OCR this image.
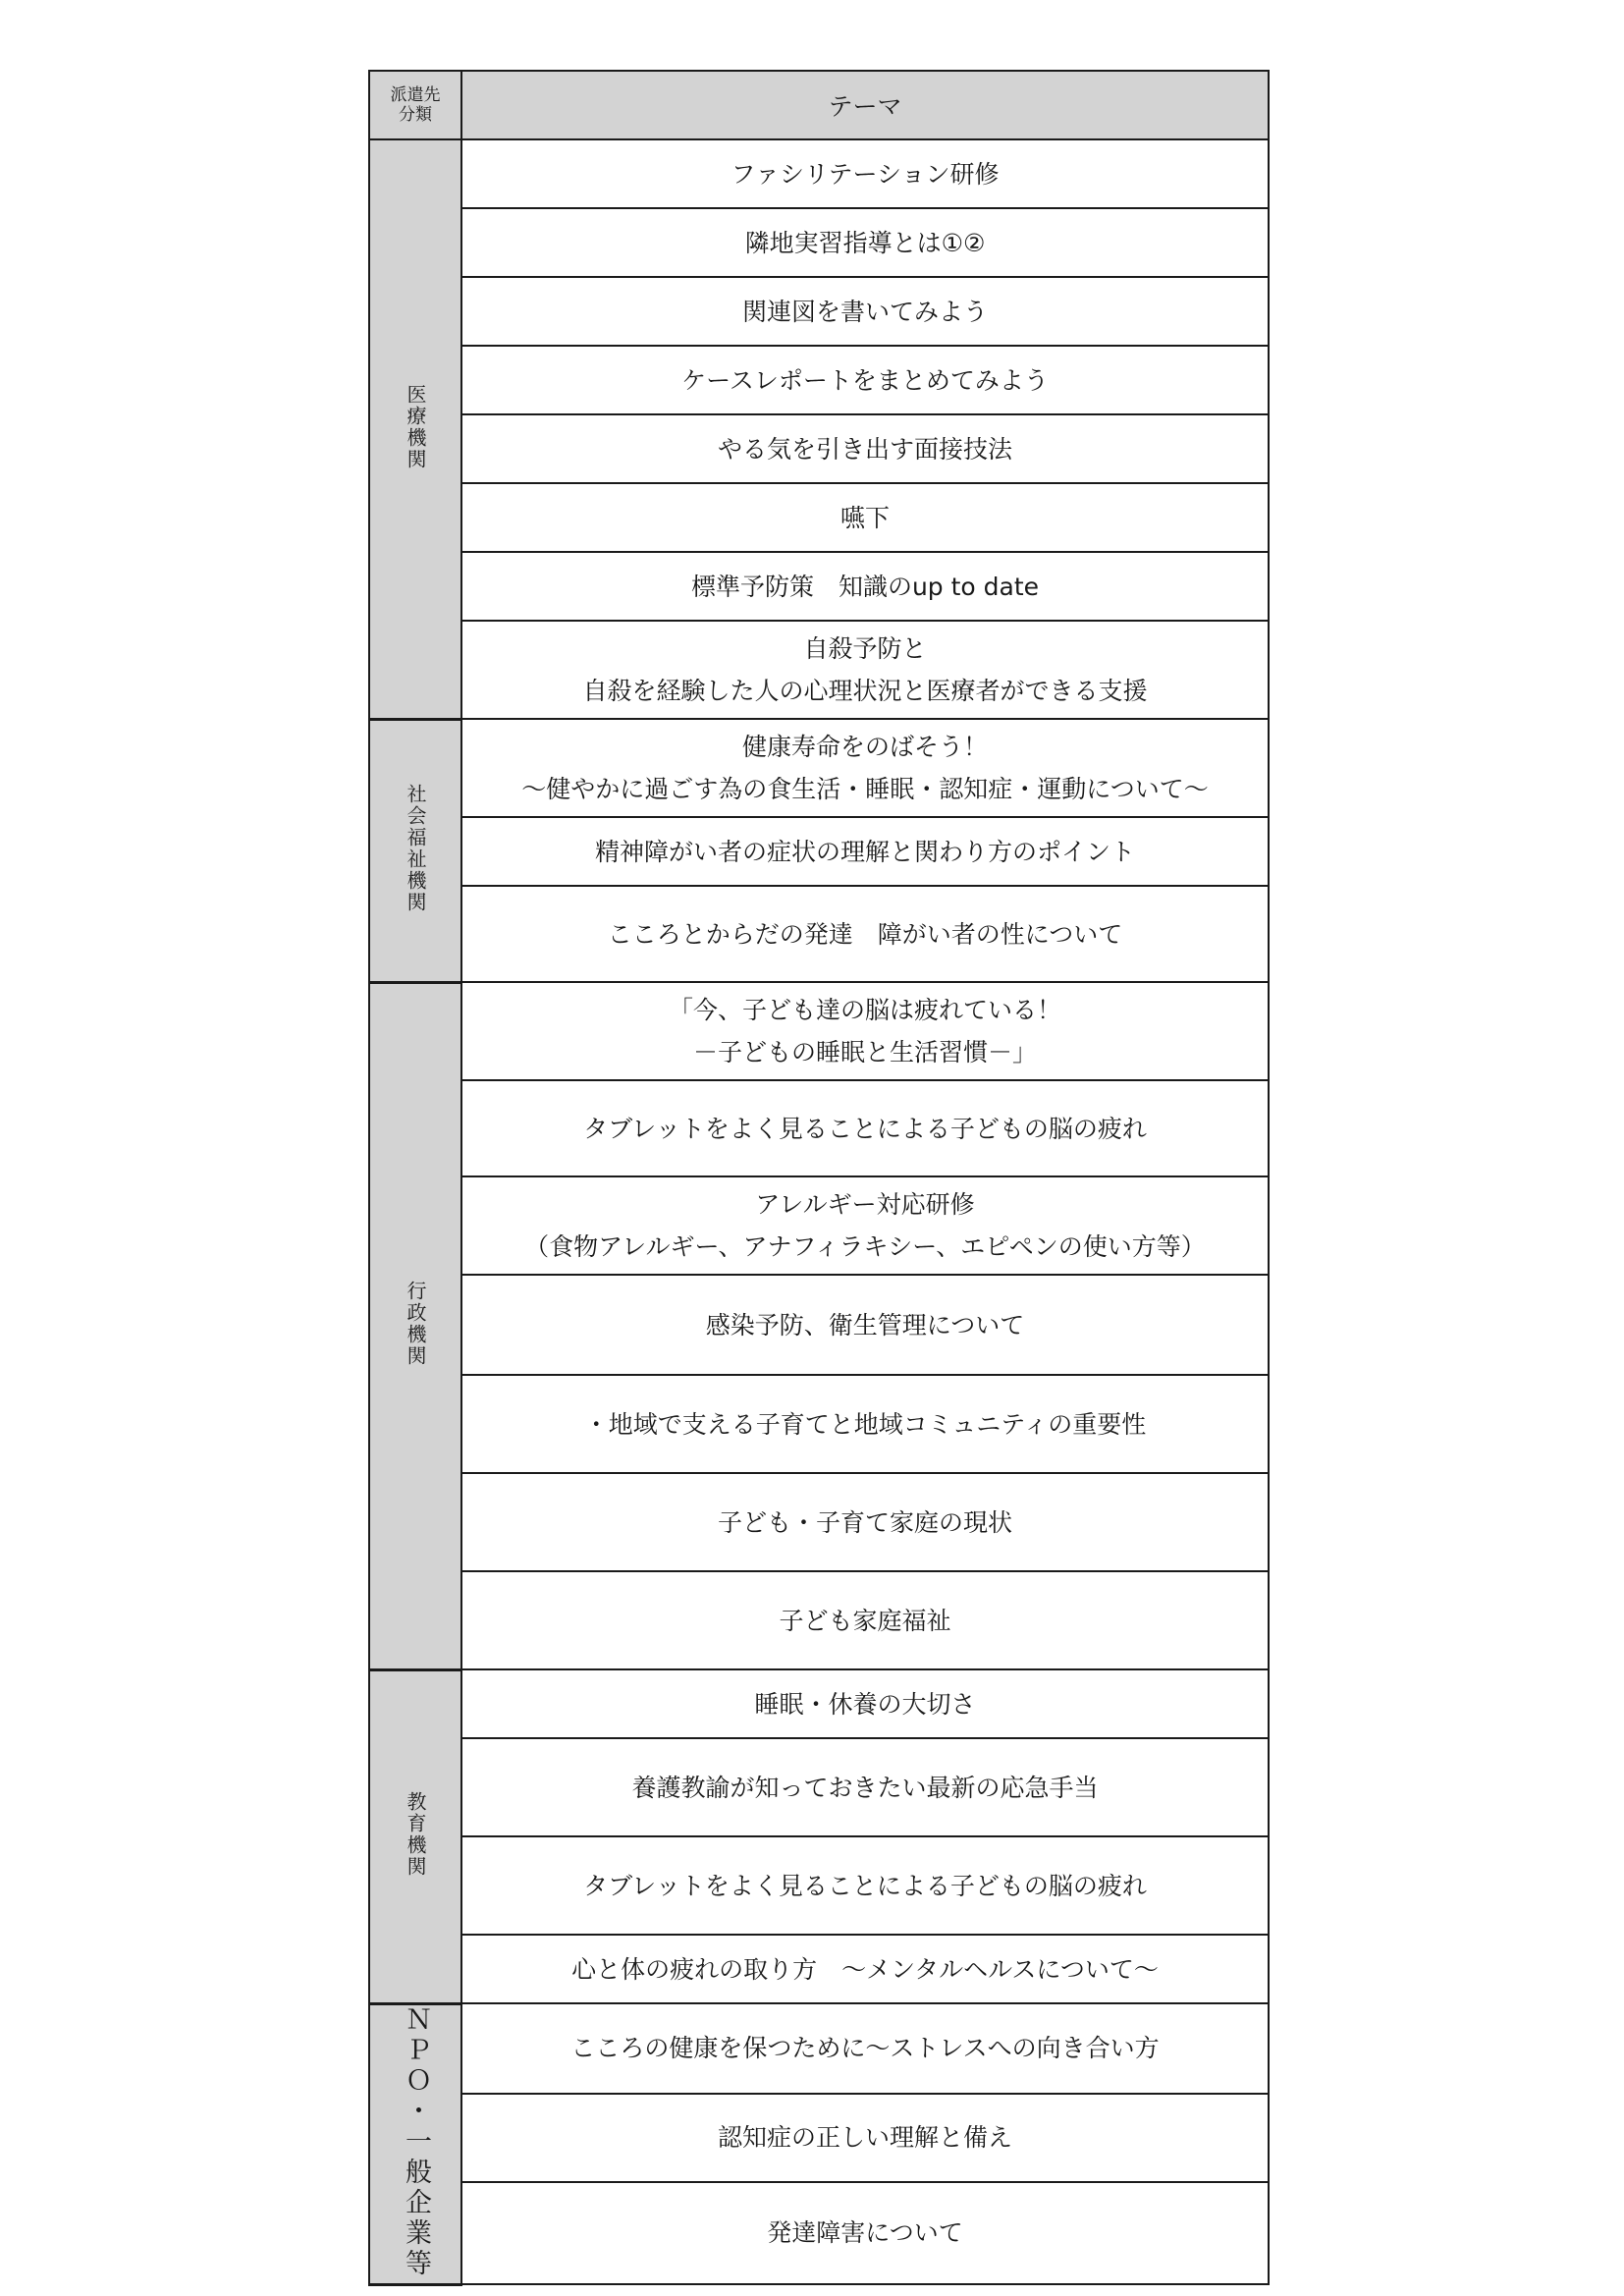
派遣先
分類	テーマ
医療機関	ファシリテーション研修

	隣地実習指導とは①②

	関連図を書いてみよう

	ケースレポートをまとめてみよう

	やる気を引き出す面接技法

	嚥下

	標準予防策　知識のup to date

	自殺予防と
自殺を経験した人の心理状況と医療者ができる支援

社会福祉機関	健康寿命をのばそう！
～健やかに過ごす為の食生活・睡眠・認知症・運動について～

	精神障がい者の症状の理解と関わり方のポイント

	こころとからだの発達　障がい者の性について

行政機関	「今、子ども達の脳は疲れている！
－子どもの睡眠と生活習慣－」

	タブレットをよく見ることによる子どもの脳の疲れ

	アレルギー対応研修
（食物アレルギー、アナフィラキシー、エピペンの使い方等）

	感染予防、衛生管理について

	・地域で支える子育てと地域コミュニティの重要性

	子ども・子育て家庭の現状

	子ども家庭福祉

教育機関	睡眠・休養の大切さ

	養護教諭が知っておきたい最新の応急手当

	タブレットをよく見ることによる子どもの脳の疲れ

	心と体の疲れの取り方　～メンタルヘルスについて～

ＮＰＯ・一般企業等	こころの健康を保つために～ストレスへの向き合い方

	認知症の正しい理解と備え

	発達障害について
